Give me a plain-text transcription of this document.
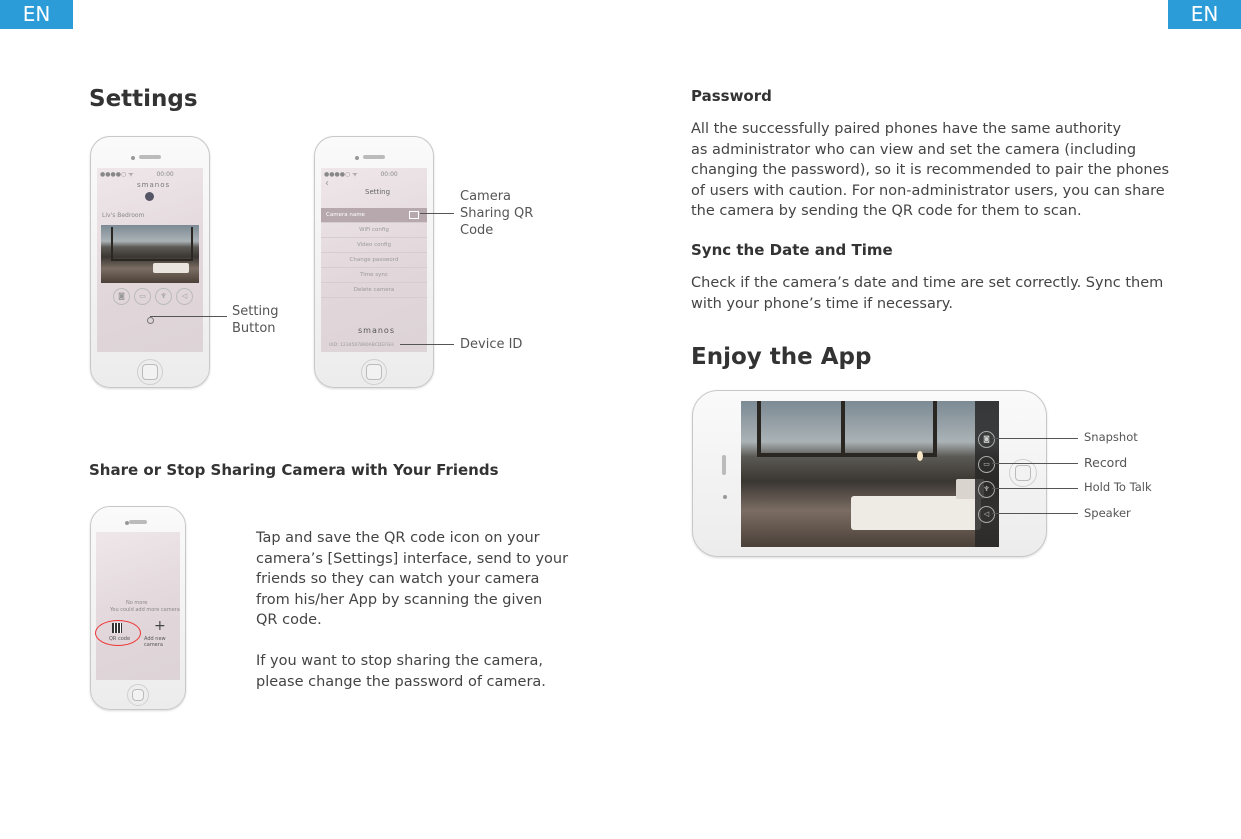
EN	EN
Settings
●●●●○ ᯤ            00:00
smanos
Liv's Bedroom
◙	▭	♆	◁
Setting
Button
●●●●○ ᯤ            00:00
‹
Setting
Camera name
WiFi config
Video config
Change password
Time sync
Delete camera
smanos
UID: 1234567890ABCDEFGH
Camera
Sharing QR
Code
Device ID
Share or Stop Sharing Camera with Your Friends
No more
You could add more camera
QR code
+
Add new camera
Tap and save the QR code icon on your
camera’s [Settings] interface, send to your
friends so they can watch your camera
from his/her App by scanning the given
QR code.
If you want to stop sharing the camera,
please change the password of camera.
Password
All the successfully paired phones have the same authority
as administrator who can view and set the camera (including
changing the password), so it is recommended to pair the phones
of users with caution. For non-administrator users, you can share
the camera by sending the QR code for them to scan.
Sync the Date and Time
Check if the camera’s date and time are set correctly. Sync them
with your phone’s time if necessary.
Enjoy the App
◙
▭
♆
◁
Snapshot
Record
Hold To Talk
Speaker
